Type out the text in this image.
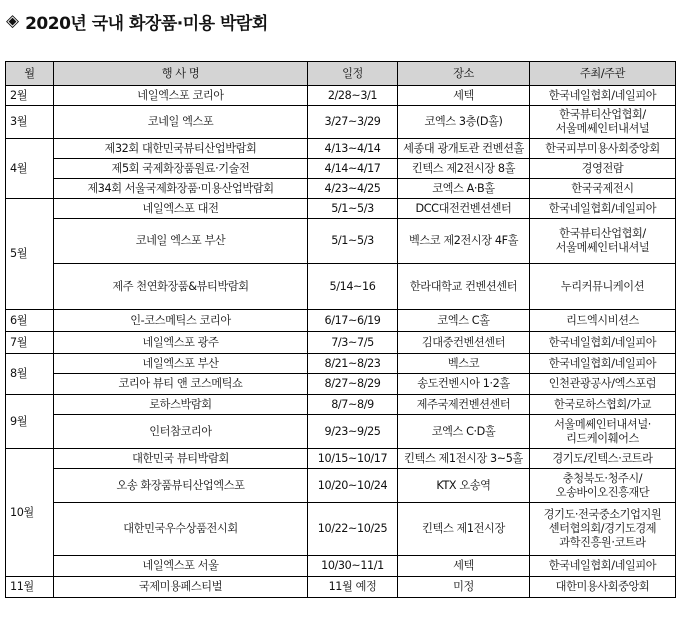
◈ 2020년 국내 화장품·미용 박람회
월	행 사 명	일정	장소	주최/주관
2월	네일엑스포 코리아	2/28~3/1	세텍	한국네일협회/네일피아

3월	코네일 엑스포	3/27~3/29	코엑스 3층(D홀)	한국뷰티산업협회/
서울메쎄인터내셔널

4월	제32회 대한민국뷰티산업박람회	4/13~4/14	세종대 광개토관 컨벤션홀	한국피부미용사회중앙회

	제5회 국제화장품원료·기술전	4/14~4/17	킨텍스 제2전시장 8홀	경영전람

	제34회 서울국제화장품·미용산업박람회	4/23~4/25	코엑스 A·B홀	한국국제전시

5월	네일엑스포 대전	5/1~5/3	DCC대전컨벤션센터	한국네일협회/네일피아

	코네일 엑스포 부산	5/1~5/3	벡스코 제2전시장 4F홀	한국뷰티산업협회/
서울메쎄인터내셔널

	제주 천연화장품&뷰티박람회	5/14~16	한라대학교 컨벤션센터	누리커뮤니케이션

6월	인-코스메틱스 코리아	6/17~6/19	코엑스 C홀	리드엑시비션스

7월	네일엑스포 광주	7/3~7/5	김대중컨벤션센터	한국네일협회/네일피아

8월	네일엑스포 부산	8/21~8/23	벡스코	한국네일협회/네일피아

	코리아 뷰티 앤 코스메틱쇼	8/27~8/29	송도컨벤시아 1·2홀	인천관광공사/엑스포럼

9월	로하스박람회	8/7~8/9	제주국제컨벤션센터	한국로하스협회/가교

	인터참코리아	9/23~9/25	코엑스 C·D홀	서울메쎄인터내셔널·
리드케이훼어스

10월	대한민국 뷰티박람회	10/15~10/17	킨텍스 제1전시장 3~5홀	경기도/킨텍스·코트라

	오송 화장품뷰티산업엑스포	10/20~10/24	KTX 오송역	충청북도·청주시/
오송바이오진흥재단

	대한민국우수상품전시회	10/22~10/25	킨텍스 제1전시장	경기도·전국중소기업지원
센터협의회/경기도경제
과학진흥원·코트라

	네일엑스포 서울	10/30~11/1	세텍	한국네일협회/네일피아

11월	국제미용페스티벌	11월 예정	미정	대한미용사회중앙회
